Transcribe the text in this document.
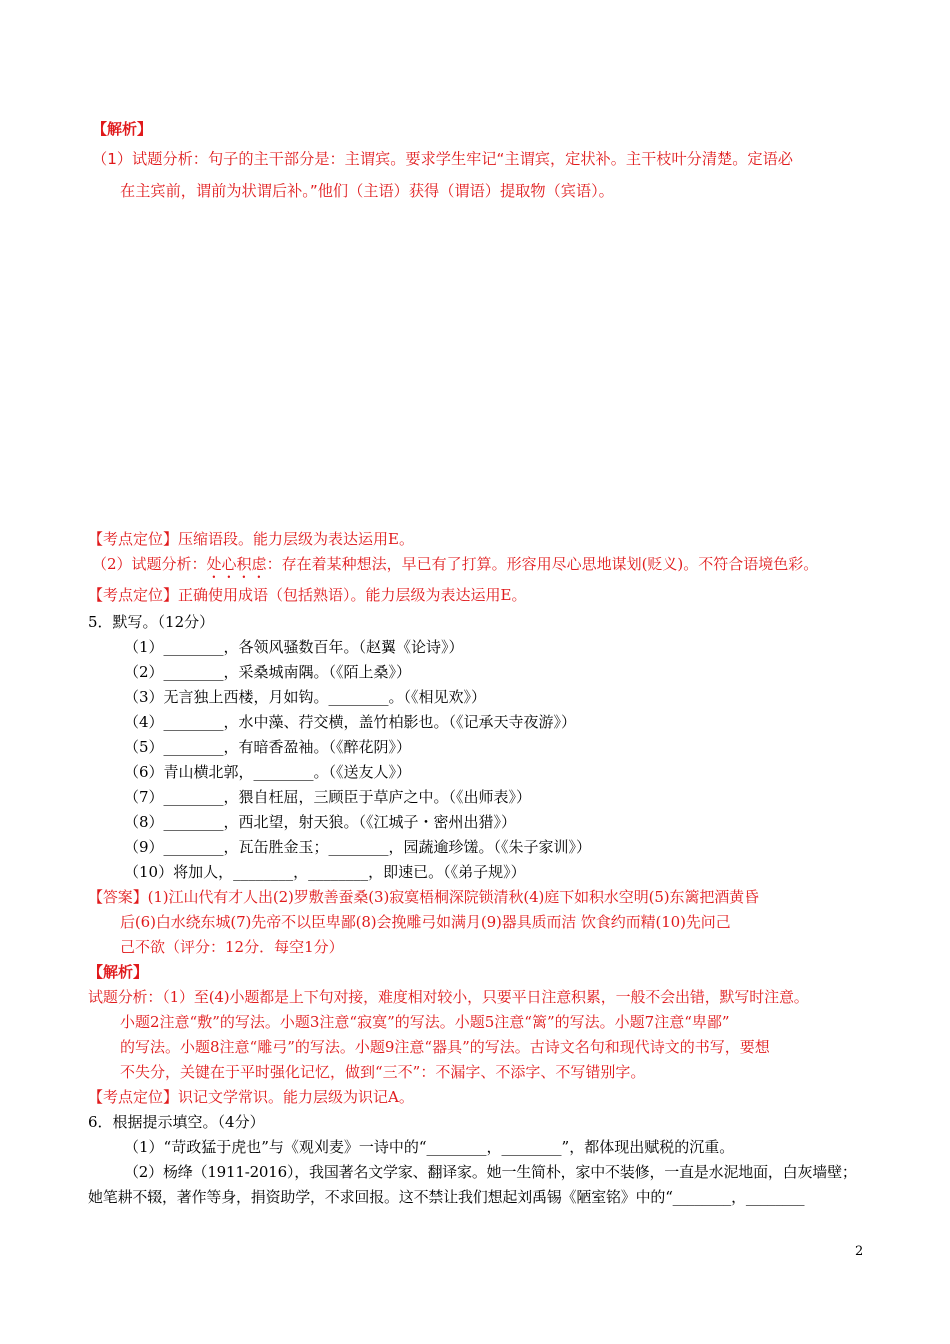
【解析】
（1）试题分析：句子的主干部分是：主谓宾。要求学生牢记“主谓宾，定状补。主干枝叶分清楚。定语必
在主宾前，谓前为状谓后补。”他们（主语）获得（谓语）提取物（宾语）。
【考点定位】压缩语段。能力层级为表达运用E。
（2）试题分析：处心积虑：存在着某种想法，早已有了打算。形容用尽心思地谋划(贬义)。不符合语境色彩。
【考点定位】正确使用成语（包括熟语）。能力层级为表达运用E。
5．默写。（12分）
（1）________，各领风骚数百年。（赵翼《论诗》）
（2）________，采桑城南隅。（《陌上桑》）
（3）无言独上西楼，月如钩。________。（《相见欢》）
（4）________，水中藻、荇交横，盖竹柏影也。（《记承天寺夜游》）
（5）________，有暗香盈袖。（《醉花阴》）
（6）青山横北郭，________。（《送友人》）
（7）________，猥自枉屈，三顾臣于草庐之中。（《出师表》）
（8）________，西北望，射天狼。（《江城子・密州出猎》）
（9）________，瓦缶胜金玉；________，园蔬逾珍馐。（《朱子家训》）
（10）将加人，________，________，即速已。（《弟子规》）
【答案】(1)江山代有才人出(2)罗敷善蚕桑(3)寂寞梧桐深院锁清秋(4)庭下如积水空明(5)东篱把酒黄昏
后(6)白水绕东城(7)先帝不以臣卑鄙(8)会挽雕弓如满月(9)器具质而洁 饮食约而精(10)先问己
己不欲（评分：12分．每空1分）
【解析】
试题分析：（1）至(4)小题都是上下句对接，难度相对较小，只要平日注意积累，一般不会出错，默写时注意。
小题2注意“敷”的写法。小题3注意“寂寞”的写法。小题5注意“篱”的写法。小题7注意“卑鄙”
的写法。小题8注意“雕弓”的写法。小题9注意“器具”的写法。古诗文名句和现代诗文的书写，要想
不失分，关键在于平时强化记忆，做到“三不”：不漏字、不添字、不写错别字。
【考点定位】识记文学常识。能力层级为识记A。
6．根据提示填空。（4分）
（1）“苛政猛于虎也”与《观刈麦》一诗中的“________，________”，都体现出赋税的沉重。
（2）杨绛（1911-2016），我国著名文学家、翻译家。她一生简朴，家中不装修，一直是水泥地面，白灰墙壁；
她笔耕不辍，著作等身，捐资助学，不求回报。这不禁让我们想起刘禹锡《陋室铭》中的“________，________
2
